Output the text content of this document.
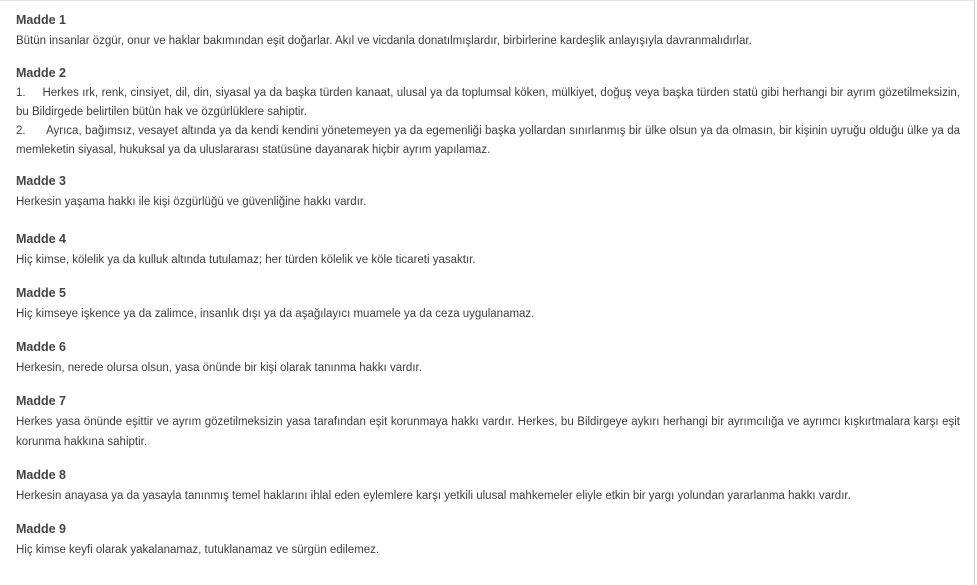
Madde 1

Bütün insanlar özgür, onur ve haklar bakımından eşit doğarlar. Akıl ve vicdanla donatılmışlardır, birbirlerine kardeşlik anlayışıyla davranmalıdırlar.

Madde 2

1. Herkes ırk, renk, cinsiyet, dil, din, siyasal ya da başka türden kanaat, ulusal ya da toplumsal köken, mülkiyet, doğuş veya başka türden statü gibi herhangi bir ayrım gözetilmeksizin, bu Bildirgede belirtilen bütün hak ve özgürlüklere sahiptir.

2. Ayrıca, bağımsız, vesayet altında ya da kendi kendini yönetemeyen ya da egemenliği başka yollardan sınırlanmış bir ülke olsun ya da olmasın, bir kişinin uyruğu olduğu ülke ya da memleketin siyasal, hukuksal ya da uluslararası statüsüne dayanarak hiçbir ayrım yapılamaz.

Madde 3

Herkesin yaşama hakkı ile kişi özgürlüğü ve güvenliğine hakkı vardır.

Madde 4

Hiç kimse, kölelik ya da kulluk altında tutulamaz; her türden kölelik ve köle ticareti yasaktır.

Madde 5

Hiç kimseye işkence ya da zalimce, insanlık dışı ya da aşağılayıcı muamele ya da ceza uygulanamaz.

Madde 6

Herkesin, nerede olursa olsun, yasa önünde bir kişi olarak tanınma hakkı vardır.

Madde 7

Herkes yasa önünde eşittir ve ayrım gözetilmeksizin yasa tarafından eşit korunmaya hakkı vardır. Herkes, bu Bildirgeye aykırı herhangi bir ayrımcılığa ve ayrımcı kışkırtmalara karşı eşit korunma hakkına sahiptir.

Madde 8

Herkesin anayasa ya da yasayla tanınmış temel haklarını ihlal eden eylemlere karşı yetkili ulusal mahkemeler eliyle etkin bir yargı yolundan yararlanma hakkı vardır.

Madde 9

Hiç kimse keyfi olarak yakalanamaz, tutuklanamaz ve sürgün edilemez.
